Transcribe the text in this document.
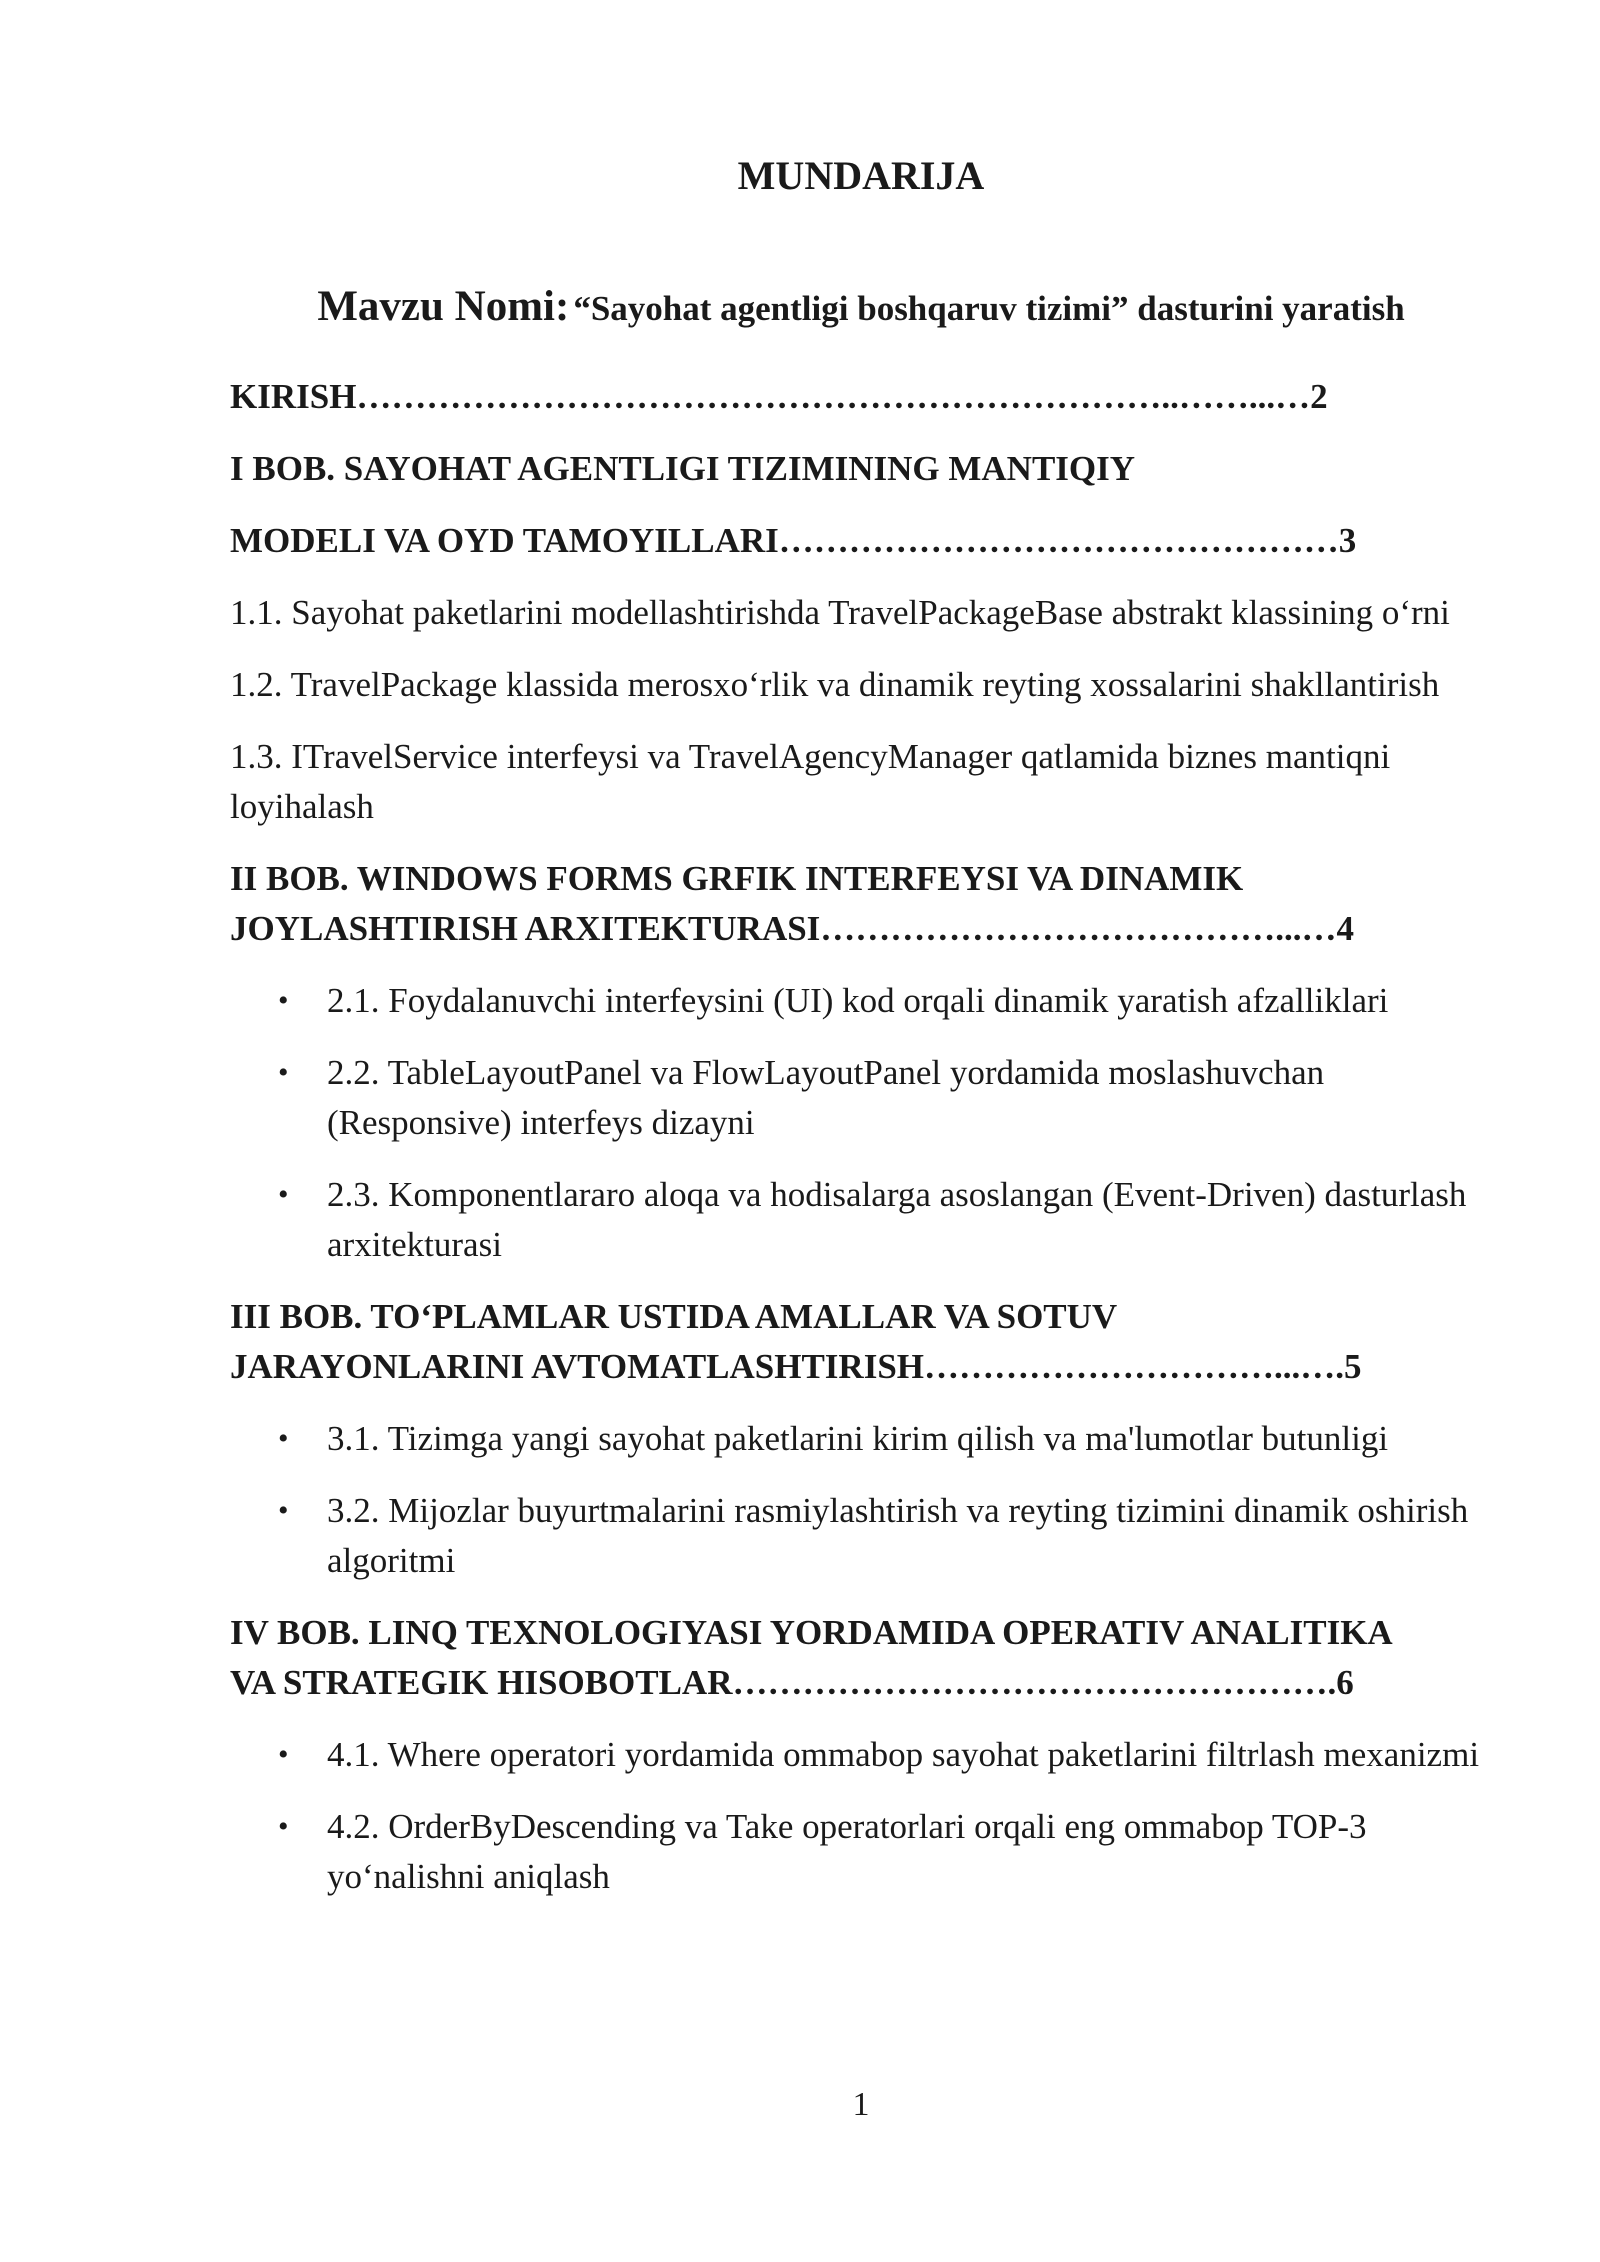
MUNDARIJA

Mavzu Nomi: “Sayohat agentligi boshqaruv tizimi” dasturini yaratish

KIRISH……………………………………………………………..……...…2

I BOB. SAYOHAT AGENTLIGI TIZIMINING MANTIQIY

MODELI VA OYD TAMOYILLARI…………………………………………3

1.1. Sayohat paketlarini modellashtirishda TravelPackageBase abstrakt klassining o‘rni

1.2. TravelPackage klassida merosxo‘rlik va dinamik reyting xossalarini shakllantirish

1.3. ITravelService interfeysi va TravelAgencyManager qatlamida biznes mantiqni loyihalash

II BOB. WINDOWS FORMS GRFIK INTERFEYSI VA DINAMIK

JOYLASHTIRISH ARXITEKTURASI…………………………………...…4

• 2.1. Foydalanuvchi interfeysini (UI) kod orqali dinamik yaratish afzalliklari
• 2.2. TableLayoutPanel va FlowLayoutPanel yordamida moslashuvchan (Responsive) interfeys dizayni
• 2.3. Komponentlararo aloqa va hodisalarga asoslangan (Event-Driven) dasturlash arxitekturasi

III BOB. TO‘PLAMLAR USTIDA AMALLAR VA SOTUV

JARAYONLARINI AVTOMATLASHTIRISH…………………………...….5

• 3.1. Tizimga yangi sayohat paketlarini kirim qilish va ma'lumotlar butunligi
• 3.2. Mijozlar buyurtmalarini rasmiylashtirish va reyting tizimini dinamik oshirish algoritmi

IV BOB. LINQ TEXNOLOGIYASI YORDAMIDA OPERATIV ANALITIKA

VA STRATEGIK HISOBOTLAR…………………………………………….6

• 4.1. Where operatori yordamida ommabop sayohat paketlarini filtrlash mexanizmi
• 4.2. OrderByDescending va Take operatorlari orqali eng ommabop TOP-3 yo‘nalishni aniqlash

1
